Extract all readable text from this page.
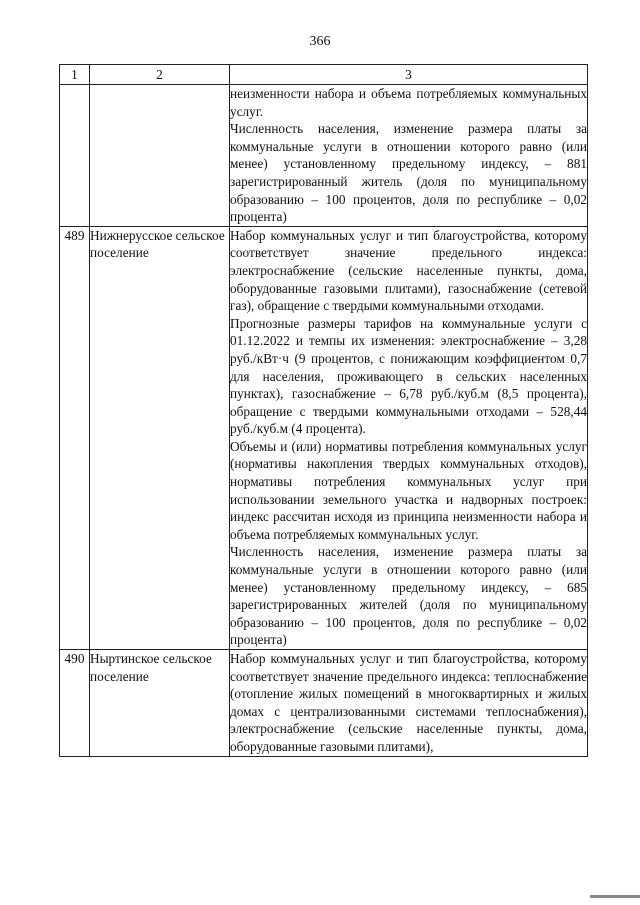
366
1	2	3

		неизменности набора и объема потребляемых коммунальных услуг.

Численность населения, изменение размера платы за коммунальные услуги в отношении которого равно (или менее) установленному предельному индексу, – 881 зарегистрированный житель (доля по муниципальному образованию – 100 процентов, доля по республике – 0,02 процента)

489	Нижнерусское сельское поселение	Набор коммунальных услуг и тип благоустройства, которому соответствует значение предельного индекса: электроснабжение (сельские населенные пункты, дома, оборудованные газовыми плитами), газоснабжение (сетевой газ), обращение с твердыми коммунальными отходами.

Прогнозные размеры тарифов на коммунальные услуги с 01.12.2022 и темпы их изменения: электроснабжение – 3,28 руб./кВт·ч (9 процентов, с понижающим коэффициентом 0,7 для населения, проживающего в сельских населенных пунктах), газоснабжение – 6,78 руб./куб.м (8,5 процента), обращение с твердыми коммунальными отходами – 528,44 руб./куб.м (4 процента).

Объемы и (или) нормативы потребления коммунальных услуг (нормативы накопления твердых коммунальных отходов), нормативы потребления коммунальных услуг при использовании земельного участка и надворных построек: индекс рассчитан исходя из принципа неизменности набора и объема потребляемых коммунальных услуг.

Численность населения, изменение размера платы за коммунальные услуги в отношении которого равно (или менее) установленному предельному индексу, – 685 зарегистрированных жителей (доля по муниципальному образованию – 100 процентов, доля по республике – 0,02 процента)

490	Ныртинское сельское поселение	Набор коммунальных услуг и тип благоустройства, которому соответствует значение предельного индекса: теплоснабжение (отопление жилых помещений в многоквартирных и жилых домах с централизованными системами теплоснабжения), электроснабжение (сельские населенные пункты, дома, оборудованные газовыми плитами),
